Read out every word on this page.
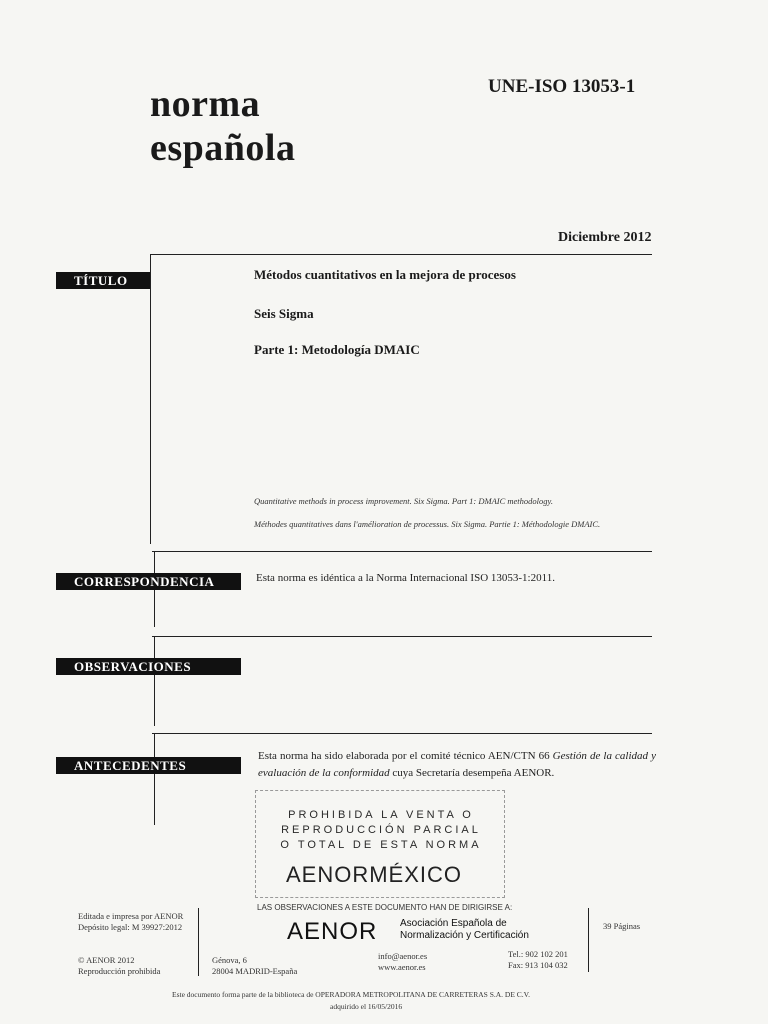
norma
española
UNE-ISO 13053-1
Diciembre 2012
TÍTULO	Métodos cuantitativos en la mejora de procesos
Seis Sigma
Parte 1: Metodología DMAIC
Quantitative methods in process improvement. Six Sigma. Part 1: DMAIC methodology.
Méthodes quantitatives dans l'amélioration de processus. Six Sigma. Partie 1: Méthodologie DMAIC.
CORRESPONDENCIA	Esta norma es idéntica a la Norma Internacional ISO 13053-1:2011.
OBSERVACIONES
ANTECEDENTES
Esta norma ha sido elaborada por el comité técnico AEN/CTN 66 Gestión de la calidad y evaluación de la conformidad cuya Secretaría desempeña AENOR.
PROHIBIDA LA VENTA O
REPRODUCCIÓN PARCIAL
O TOTAL DE ESTA NORMA
AENORMÉXICO
Editada e impresa por AENOR
Depósito legal: M 39927:2012
© AENOR 2012
Reproducción prohibida
LAS OBSERVACIONES A ESTE DOCUMENTO HAN DE DIRIGIRSE A:
AENOR Asociación Española de
Normalización y Certificación
Génova, 6
28004 MADRID-España
info@aenor.es
www.aenor.es
Tel.: 902 102 201
Fax: 913 104 032
39 Páginas
Este documento forma parte de la biblioteca de OPERADORA METROPOLITANA DE CARRETERAS S.A. DE C.V.
adquirido el 16/05/2016
